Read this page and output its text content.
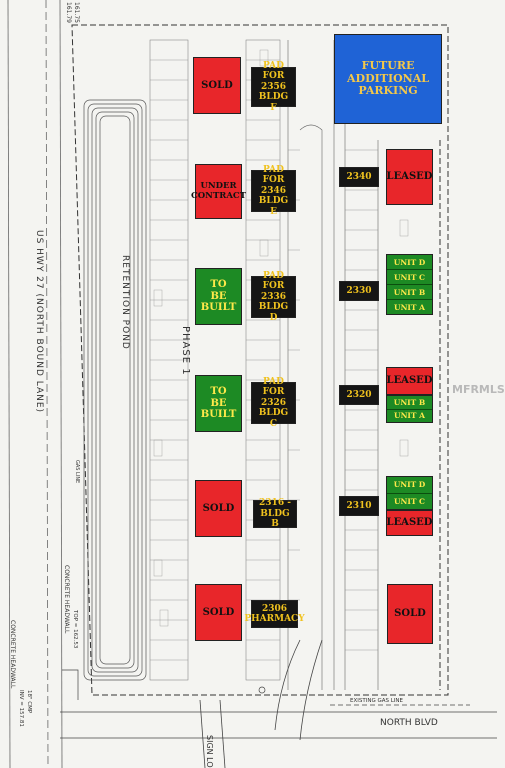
FUTURE ADDITIONAL PARKING
SOLD
PAD FOR 2356 BLDG F
UNDER CONTRACT
PAD FOR 2346 BLDG E
2340 LEASED
TO BE BUILT
PAD FOR 2336 BLDG D
2330
UNIT D
UNIT C
UNIT B
UNIT A
TO BE BUILT
PAD FOR 2326 BLDG C
2320
LEASED
UNIT B
UNIT A
SOLD	2316 - BLDG B
2310
UNIT D
UNIT C
LEASED
SOLD	2306 PHARMACY	SOLD
RETENTION POND
PHASE 1
US HWY 27 (NORTH BOUND LANE)
GAS LINE
NORTH BLVD
EXISTING GAS LINE
CONCRETE HEADWALL
CONCRETE HEADWALL	TOP = 162.53
INV = 157.81 18" CMP
SIGN LO
161.79 161.75
MFRMLS
